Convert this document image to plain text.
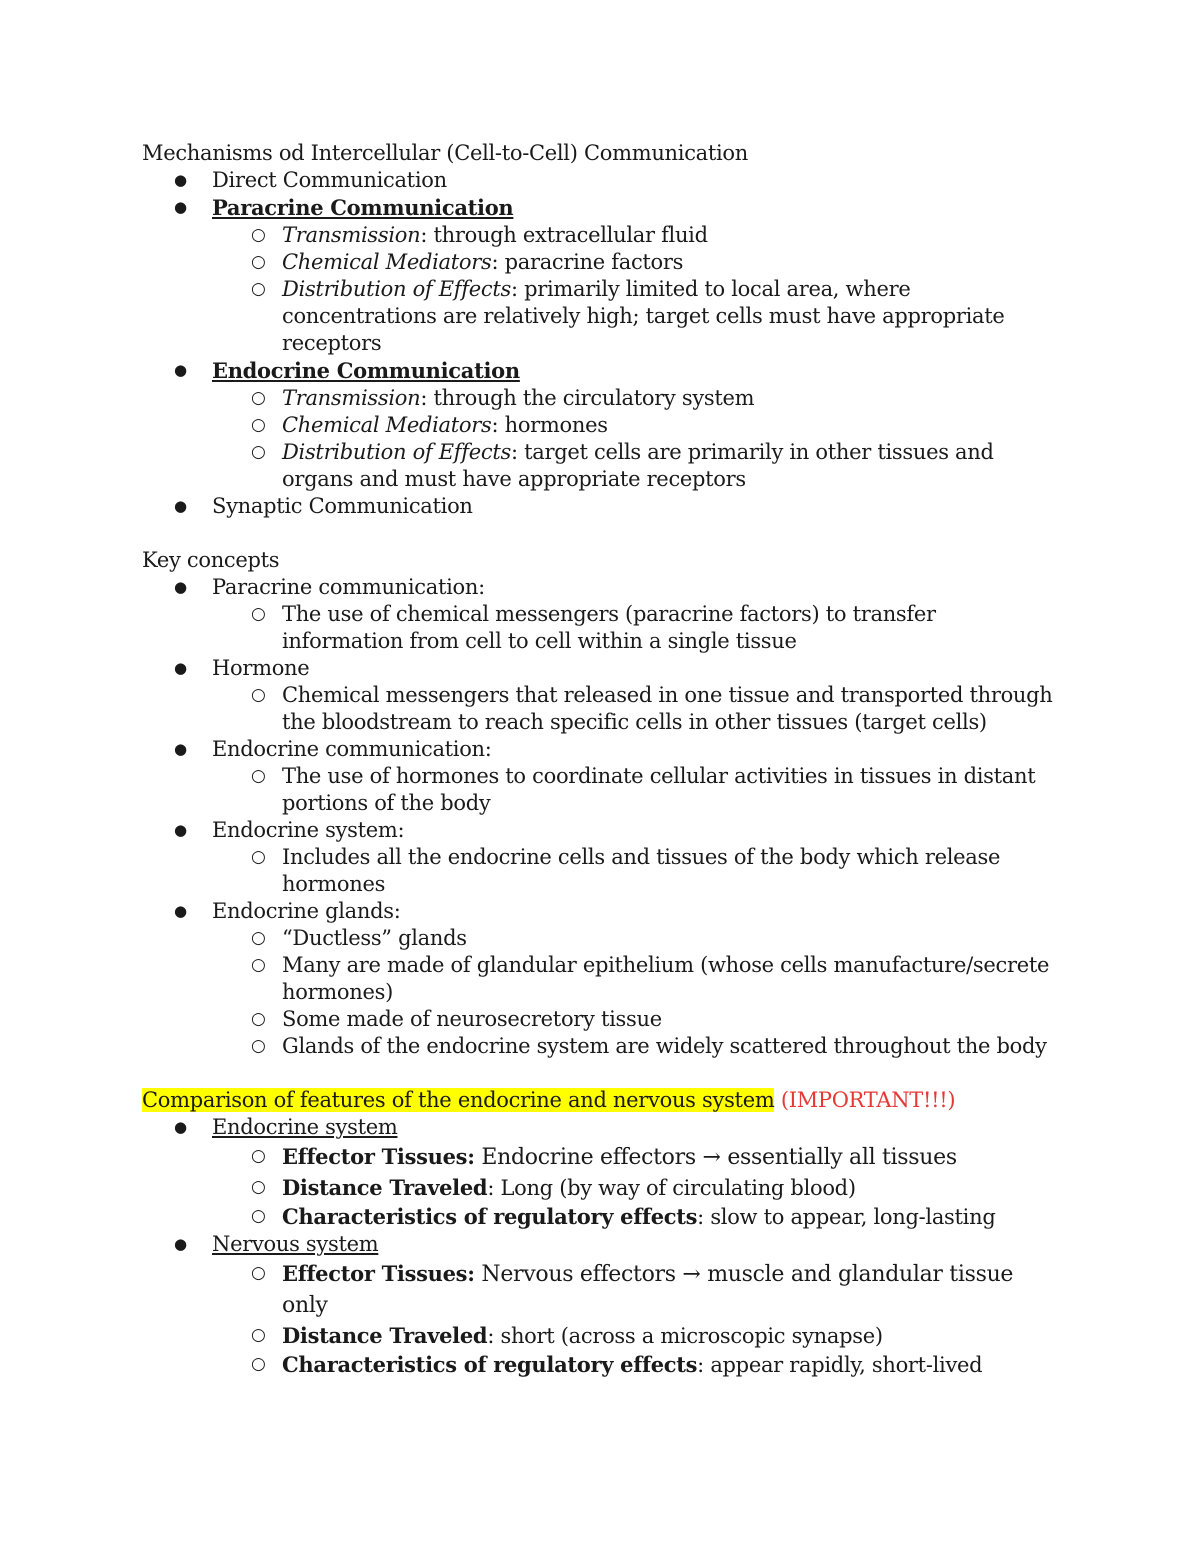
Mechanisms od Intercellular (Cell-to-Cell) Communication

●	Direct Communication
●	Paracrine Communication
○ Transmission: through extracellular fluid
○ Chemical Mediators: paracrine factors
○ Distribution of Effects: primarily limited to local area, where concentrations are relatively high; target cells must have appropriate receptors
●	Endocrine Communication
○ Transmission: through the circulatory system
○ Chemical Mediators: hormones
○ Distribution of Effects: target cells are primarily in other tissues and organs and must have appropriate receptors
●	Synaptic Communication

Key concepts

●	Paracrine communication:
○ The use of chemical messengers (paracrine factors) to transfer information from cell to cell within a single tissue
●	Hormone
○ Chemical messengers that released in one tissue and transported through the bloodstream to reach specific cells in other tissues (target cells)
●	Endocrine communication:
○ The use of hormones to coordinate cellular activities in tissues in distant portions of the body
●	Endocrine system:
○ Includes all the endocrine cells and tissues of the body which release hormones
●	Endocrine glands:
○ “Ductless” glands
○ Many are made of glandular epithelium (whose cells manufacture/secrete hormones)
○ Some made of neurosecretory tissue
○ Glands of the endocrine system are widely scattered throughout the body

Comparison of features of the endocrine and nervous system (IMPORTANT!!!)

●	Endocrine system
○ Effector Tissues: Endocrine effectors → essentially all tissues
○ Distance Traveled: Long (by way of circulating blood)
○ Characteristics of regulatory effects: slow to appear, long-lasting
●	Nervous system
○ Effector Tissues: Nervous effectors → muscle and glandular tissue only
○ Distance Traveled: short (across a microscopic synapse)
○ Characteristics of regulatory effects: appear rapidly, short-lived
